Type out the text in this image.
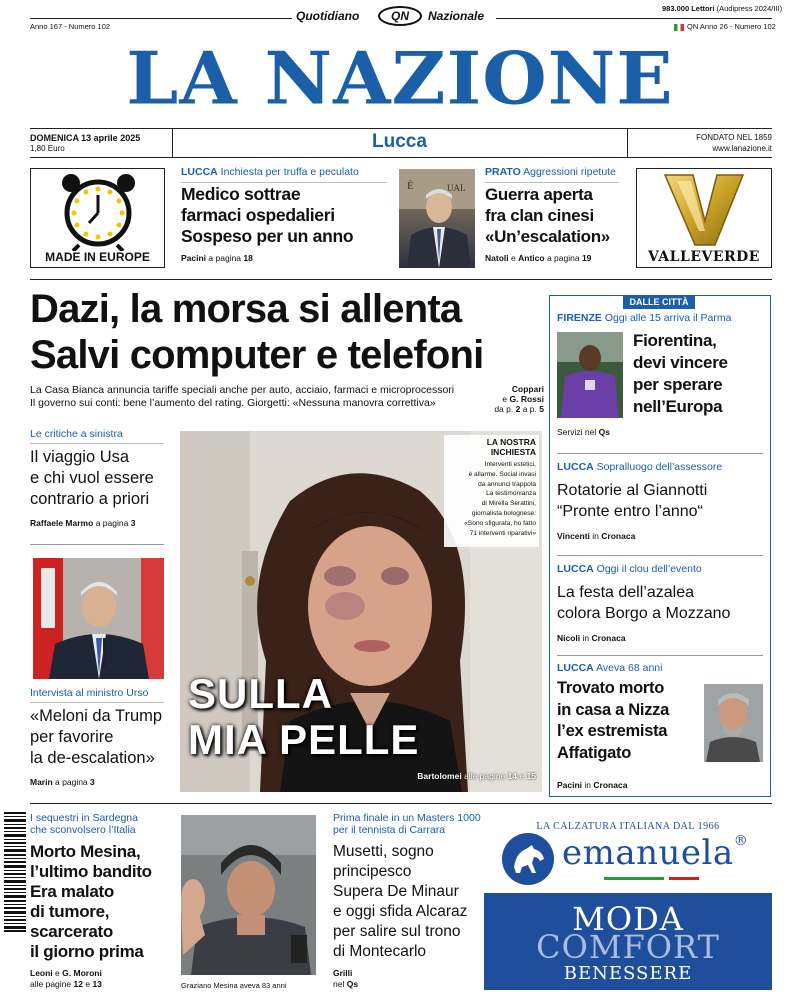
Quotidiano	QN	Nazionale
983.000 Lettori (Audipress 2024/III)
Anno 167 - Numero 102	QN Anno 26 - Numero 102
LA NAZIONE
DOMENICA 13 aprile 2025
1,80 Euro	Lucca	FONDATO NEL 1859
www.lanazione.it
MADE IN EUROPE
LUCCA Inchiesta per truffa e peculato
Medico sottrae
farmaci ospedalieri
Sospeso per un anno
Pacini a pagina 18
È	UAL
PRATO Aggressioni ripetute
Guerra aperta
fra clan cinesi
«Un’escalation»
Natoli e Antico a pagina 19	VALLEVERDE
Dazi, la morsa si allenta
Salvi computer e telefoni
La Casa Bianca annuncia tariffe speciali anche per auto, acciaio, farmaci e microprocessori
Il governo sui conti: bene l’aumento del rating. Giorgetti: «Nessuna manovra correttiva»
Coppari
e G. Rossi
da p. 2 a p. 5
Le critiche a sinistra
Il viaggio Usa
e chi vuol essere
contrario a priori
Raffaele Marmo a pagina 3
Intervista al ministro Urso
«Meloni da Trump
per favorire
la de-escalation»
Marin a pagina 3
LA NOSTRA
INCHIESTA
Interventi estetici,
è allarme. Social invasi
da annunci trappola
La testimonianza
di Mirella Serattini,
giornalista bolognese:
«Sono sfigurata, ho fatto
71 interventi riparativi»
SULLA
MIA PELLE
Bartolomei alle pagine 14 e 15
DALLE CITTÀ
FIRENZE Oggi alle 15 arriva il Parma
Fiorentina,
devi vincere
per sperare
nell’Europa
Servizi nel Qs
LUCCA Sopralluogo dell’assessore
Rotatorie al Giannotti
“Pronte entro l’anno“
Vincenti in Cronaca
LUCCA Oggi il clou dell’evento
La festa dell’azalea
colora Borgo a Mozzano
Nicoli in Cronaca
LUCCA Aveva 68 anni
Trovato morto
in casa a Nizza
l’ex estremista
Affatigato
Pacini in Cronaca
I sequestri in Sardegna
che sconvolsero l’Italia
Morto Mesina,
l’ultimo bandito
Era malato
di tumore,
scarcerato
il giorno prima
Leoni e G. Moroni
alle pagine 12 e 13	Graziano Mesina aveva 83 anni
Prima finale in un Masters 1000
per il tennista di Carrara
Musetti, sogno
principesco
Supera De Minaur
e oggi sfida Alcaraz
per salire sul trono
di Montecarlo
Grilli
nel Qs
LA CALZATURA ITALIANA DAL 1966
emanuela®
MODA
COMFORT
BENESSERE
